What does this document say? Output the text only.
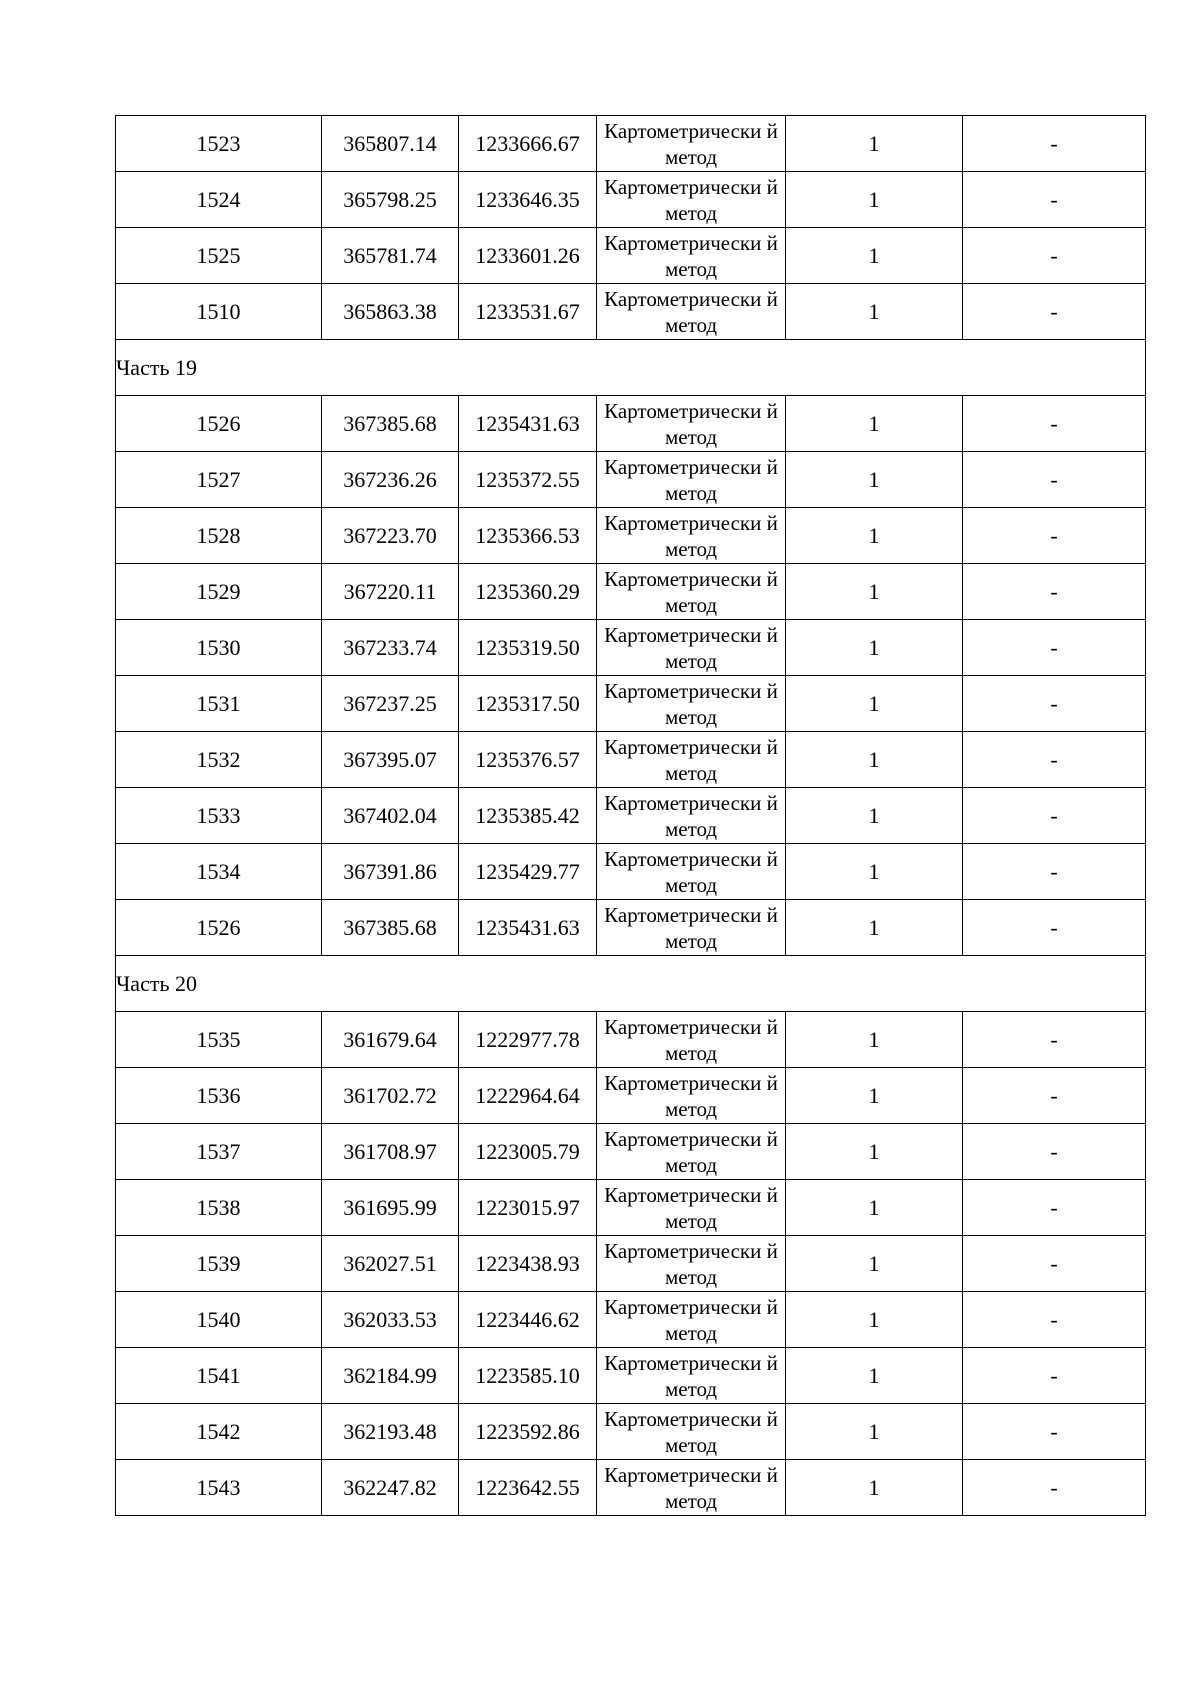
1523	365807.14	1233666.67	Картометрически й метод	1	-
1524	365798.25	1233646.35	Картометрически й метод	1	-
1525	365781.74	1233601.26	Картометрически й метод	1	-
1510	365863.38	1233531.67	Картометрически й метод	1	-
Часть 19					
1526	367385.68	1235431.63	Картометрически й метод	1	-
1527	367236.26	1235372.55	Картометрически й метод	1	-
1528	367223.70	1235366.53	Картометрически й метод	1	-
1529	367220.11	1235360.29	Картометрически й метод	1	-
1530	367233.74	1235319.50	Картометрически й метод	1	-
1531	367237.25	1235317.50	Картометрически й метод	1	-
1532	367395.07	1235376.57	Картометрически й метод	1	-
1533	367402.04	1235385.42	Картометрически й метод	1	-
1534	367391.86	1235429.77	Картометрически й метод	1	-
1526	367385.68	1235431.63	Картометрически й метод	1	-
Часть 20					
1535	361679.64	1222977.78	Картометрически й метод	1	-
1536	361702.72	1222964.64	Картометрически й метод	1	-
1537	361708.97	1223005.79	Картометрически й метод	1	-
1538	361695.99	1223015.97	Картометрически й метод	1	-
1539	362027.51	1223438.93	Картометрически й метод	1	-
1540	362033.53	1223446.62	Картометрически й метод	1	-
1541	362184.99	1223585.10	Картометрически й метод	1	-
1542	362193.48	1223592.86	Картометрически й метод	1	-
1543	362247.82	1223642.55	Картометрически й метод	1	-
